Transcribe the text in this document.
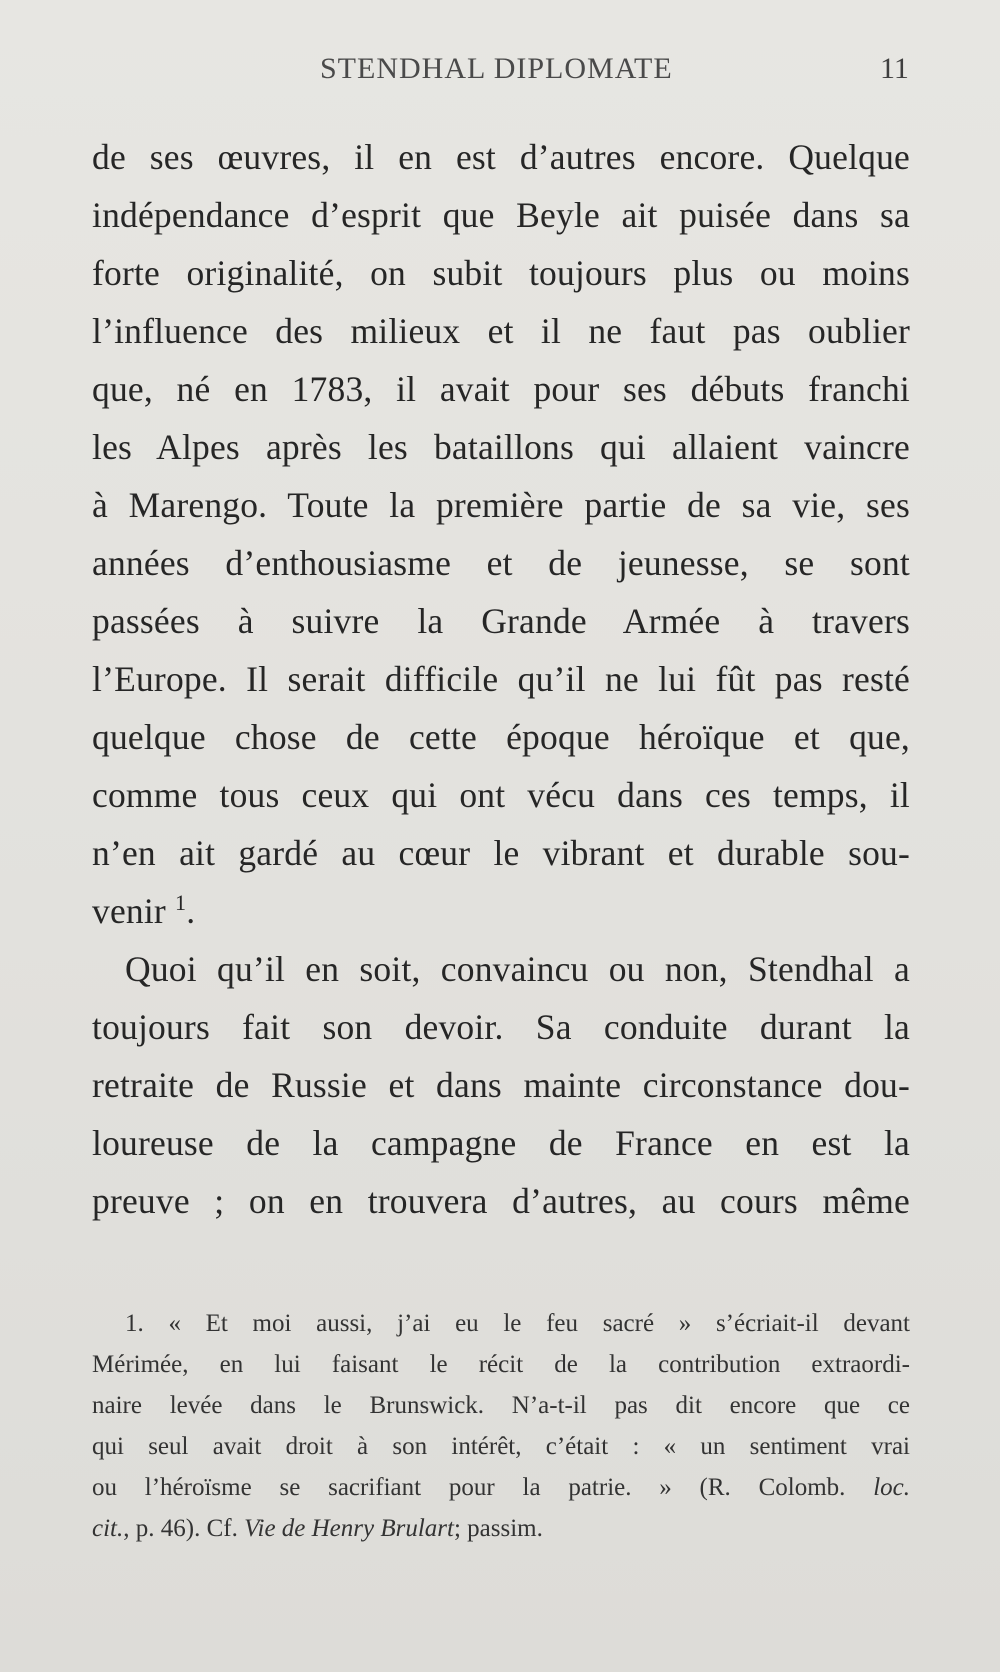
STENDHAL DIPLOMATE	11
de ses œuvres, il en est d’autres encore. Quelque
indépendance d’esprit que Beyle ait puisée dans sa
forte originalité, on subit toujours plus ou moins
l’influence des milieux et il ne faut pas oublier
que, né en 1783, il avait pour ses débuts franchi
les Alpes après les bataillons qui allaient vaincre
à Marengo. Toute la première partie de sa vie, ses
années d’enthousiasme et de jeunesse, se sont
passées à suivre la Grande Armée à travers
l’Europe. Il serait difficile qu’il ne lui fût pas resté
quelque chose de cette époque héroïque et que,
comme tous ceux qui ont vécu dans ces temps, il
n’en ait gardé au cœur le vibrant et durable sou-
venir $^1$.
Quoi qu’il en soit, convaincu ou non, Stendhal a
toujours fait son devoir. Sa conduite durant la
retraite de Russie et dans mainte circonstance dou-
loureuse de la campagne de France en est la
preuve ; on en trouvera d’autres, au cours même
1. « Et moi aussi, j’ai eu le feu sacré » s’écriait-il devant
Mérimée, en lui faisant le récit de la contribution extraordi-
naire levée dans le Brunswick. N’a-t-il pas dit encore que ce
qui seul avait droit à son intérêt, c’était : « un sentiment vrai
ou l’héroïsme se sacrifiant pour la patrie. » (R. Colomb. loc.
cit., p. 46). Cf. Vie de Henry Brulart; passim.
